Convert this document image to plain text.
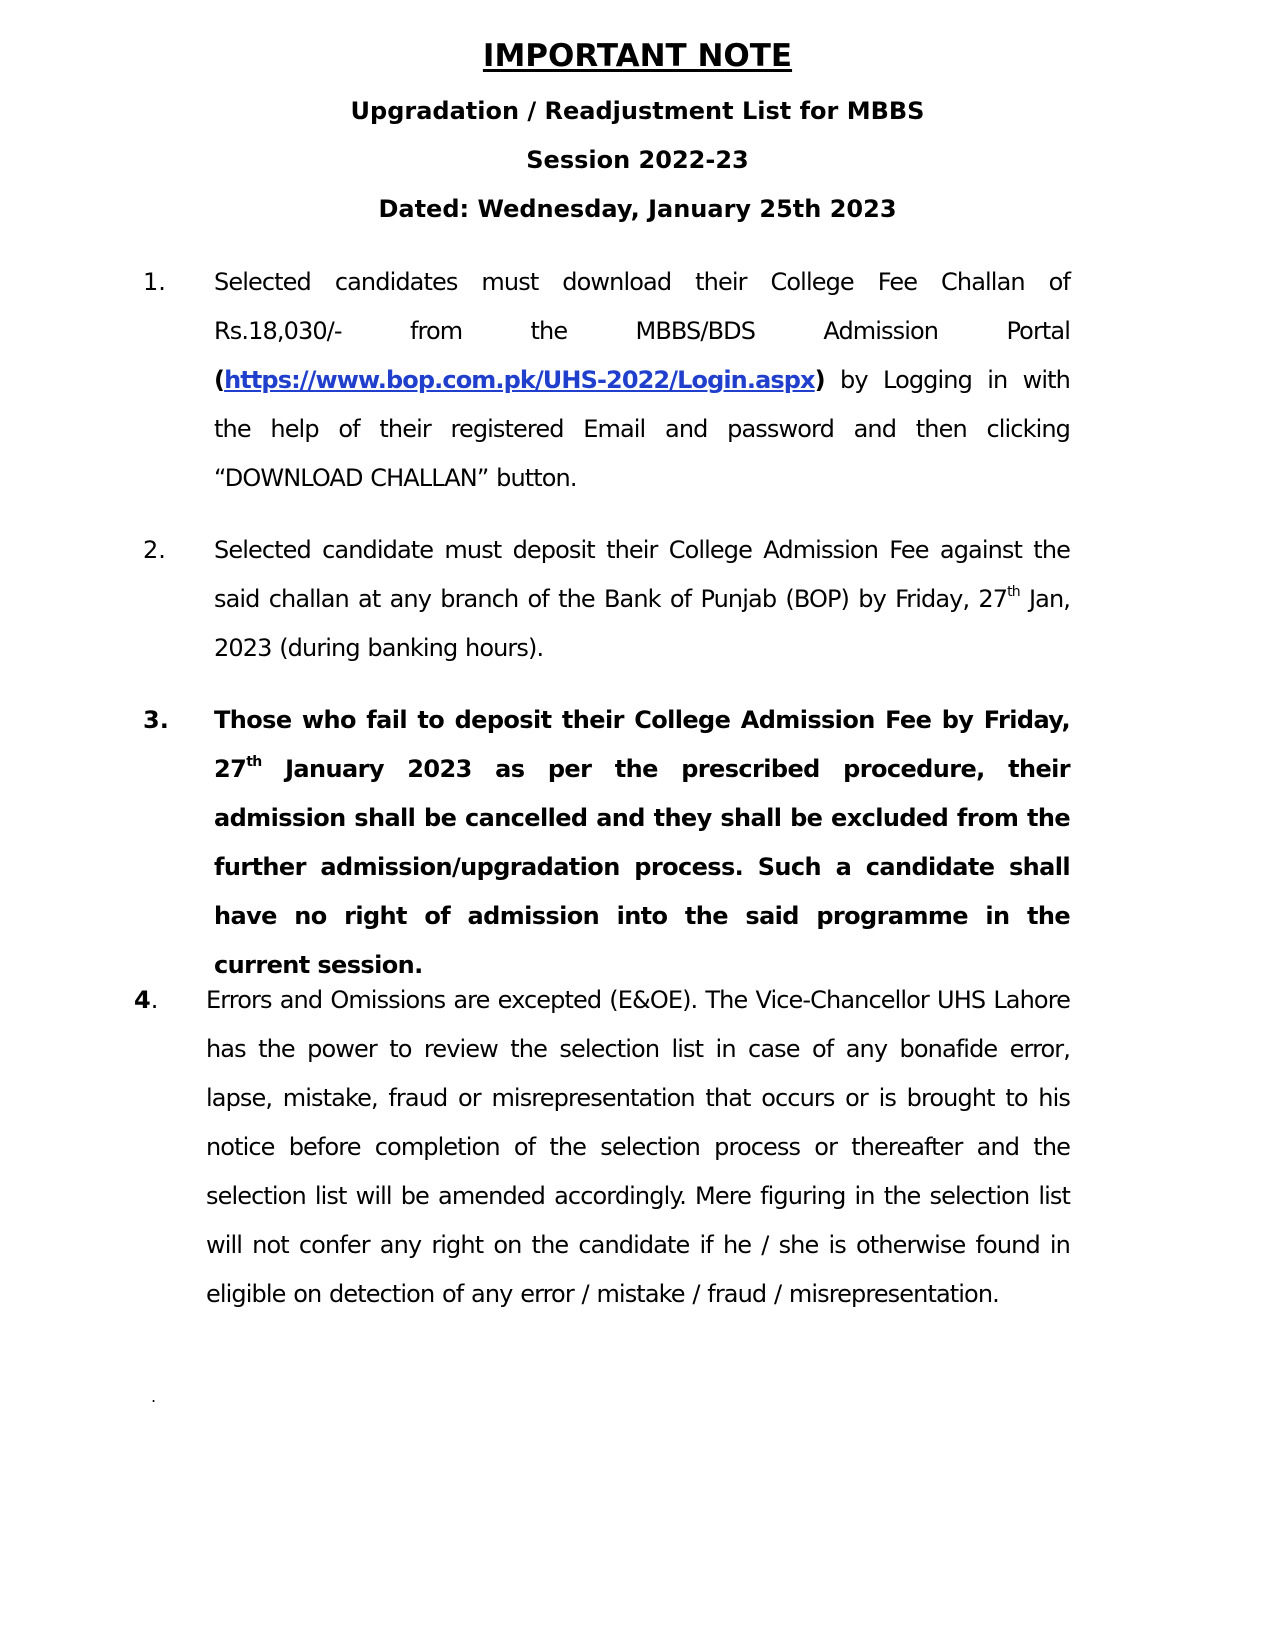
IMPORTANT NOTE
Upgradation / Readjustment List for MBBS
Session 2022-23
Dated: Wednesday, January 25th 2023
1. Selected candidates must download their College Fee Challan of Rs.18,030/- from the MBBS/BDS Admission Portal (https://www.bop.com.pk/UHS-2022/Login.aspx) by Logging in with the help of their registered Email and password and then clicking “DOWNLOAD CHALLAN” button.
2. Selected candidate must deposit their College Admission Fee against the said challan at any branch of the Bank of Punjab (BOP) by Friday, 27th Jan, 2023 (during banking hours).
3. Those who fail to deposit their College Admission Fee by Friday, 27th January 2023 as per the prescribed procedure, their admission shall be cancelled and they shall be excluded from the further admission/upgradation process. Such a candidate shall have no right of admission into the said programme in the current session.
4. Errors and Omissions are excepted (E&OE). The Vice-Chancellor UHS Lahore has the power to review the selection list in case of any bonafide error, lapse, mistake, fraud or misrepresentation that occurs or is brought to his notice before completion of the selection process or thereafter and the selection list will be amended accordingly. Mere figuring in the selection list will not confer any right on the candidate if he / she is otherwise found in eligible on detection of any error / mistake / fraud / misrepresentation.
.
